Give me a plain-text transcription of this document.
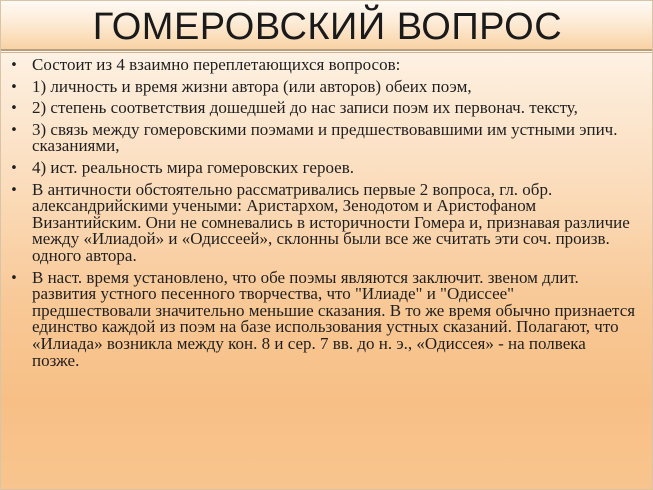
ГОМЕРОВСКИЙ ВОПРОС
• Состоит из 4 взаимно переплетающихся вопросов:
• 1) личность и время жизни автора (или авторов) обеих поэм,
• 2) степень соответствия дошедшей до нас записи поэм их первонач. тексту,
• 3) связь между гомеровскими поэмами и предшествовавшими им устными эпич. сказаниями,
• 4) ист. реальность мира гомеровских героев.
• В античности обстоятельно рассматривались первые 2 вопроса, гл. обр. александрийскими учеными: Аристархом, Зенодотом и Аристофаном Византийским. Они не сомневались в историчности Гомера и, признавая различие между «Илиадой» и «Одиссеей», склонны были все же считать эти соч. произв. одного автора.
• В наст. время установлено, что обе поэмы являются заключит. звеном длит. развития устного песенного творчества, что "Илиаде" и "Одиссее" предшествовали значительно меньшие сказания. В то же время обычно признается единство каждой из поэм на базе использования устных сказаний. Полагают, что «Илиада» возникла между кон. 8 и сер. 7 вв. до н. э., «Одиссея» - на полвека позже.
